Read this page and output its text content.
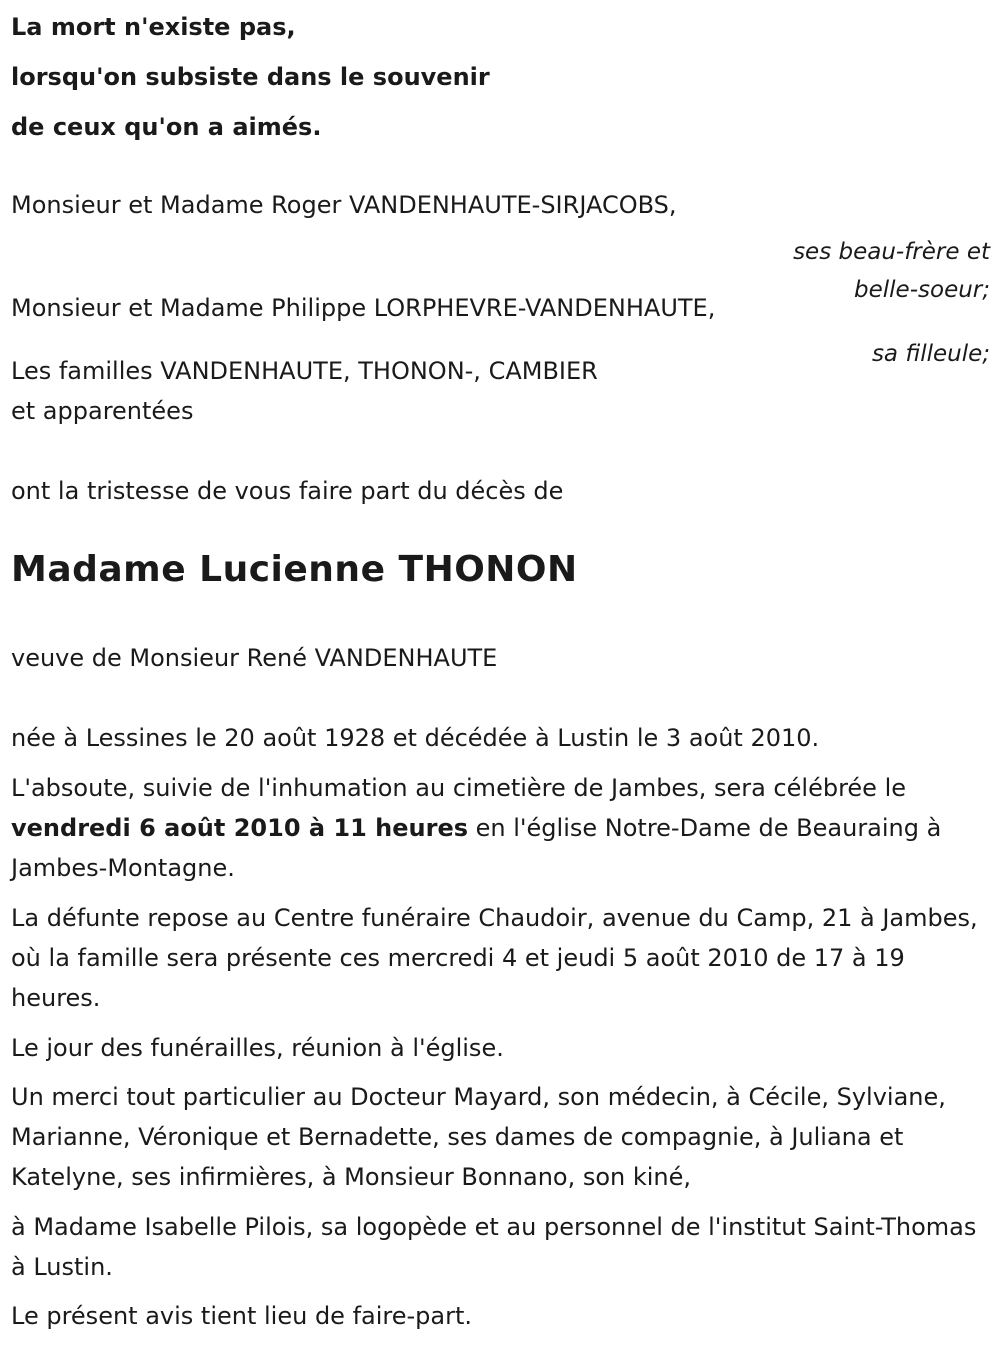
La mort n'existe pas,

lorsqu'on subsiste dans le souvenir

de ceux qu'on a aimés.

Monsieur et Madame Roger VANDENHAUTE-SIRJACOBS,

ses beau-frère et

belle-soeur;

Monsieur et Madame Philippe LORPHEVRE-VANDENHAUTE,

sa filleule;

Les familles VANDENHAUTE, THONON-, CAMBIER

et apparentées

ont la tristesse de vous faire part du décès de

Madame Lucienne THONON

veuve de Monsieur René VANDENHAUTE

née à Lessines le 20 août 1928 et décédée à Lustin le 3 août 2010.

L'absoute, suivie de l'inhumation au cimetière de Jambes, sera célébrée le vendredi 6 août 2010 à 11 heures en l'église Notre-Dame de Beauraing à Jambes-Montagne.

La défunte repose au Centre funéraire Chaudoir, avenue du Camp, 21 à Jambes, où la famille sera présente ces mercredi 4 et jeudi 5 août 2010 de 17 à 19 heures.

Le jour des funérailles, réunion à l'église.

Un merci tout particulier au Docteur Mayard, son médecin, à Cécile, Sylviane, Marianne, Véronique et Bernadette, ses dames de compagnie, à Juliana et Katelyne, ses infirmières, à Monsieur Bonnano, son kiné,

à Madame Isabelle Pilois, sa logopède et au personnel de l'institut Saint-Thomas à Lustin.

Le présent avis tient lieu de faire-part.
